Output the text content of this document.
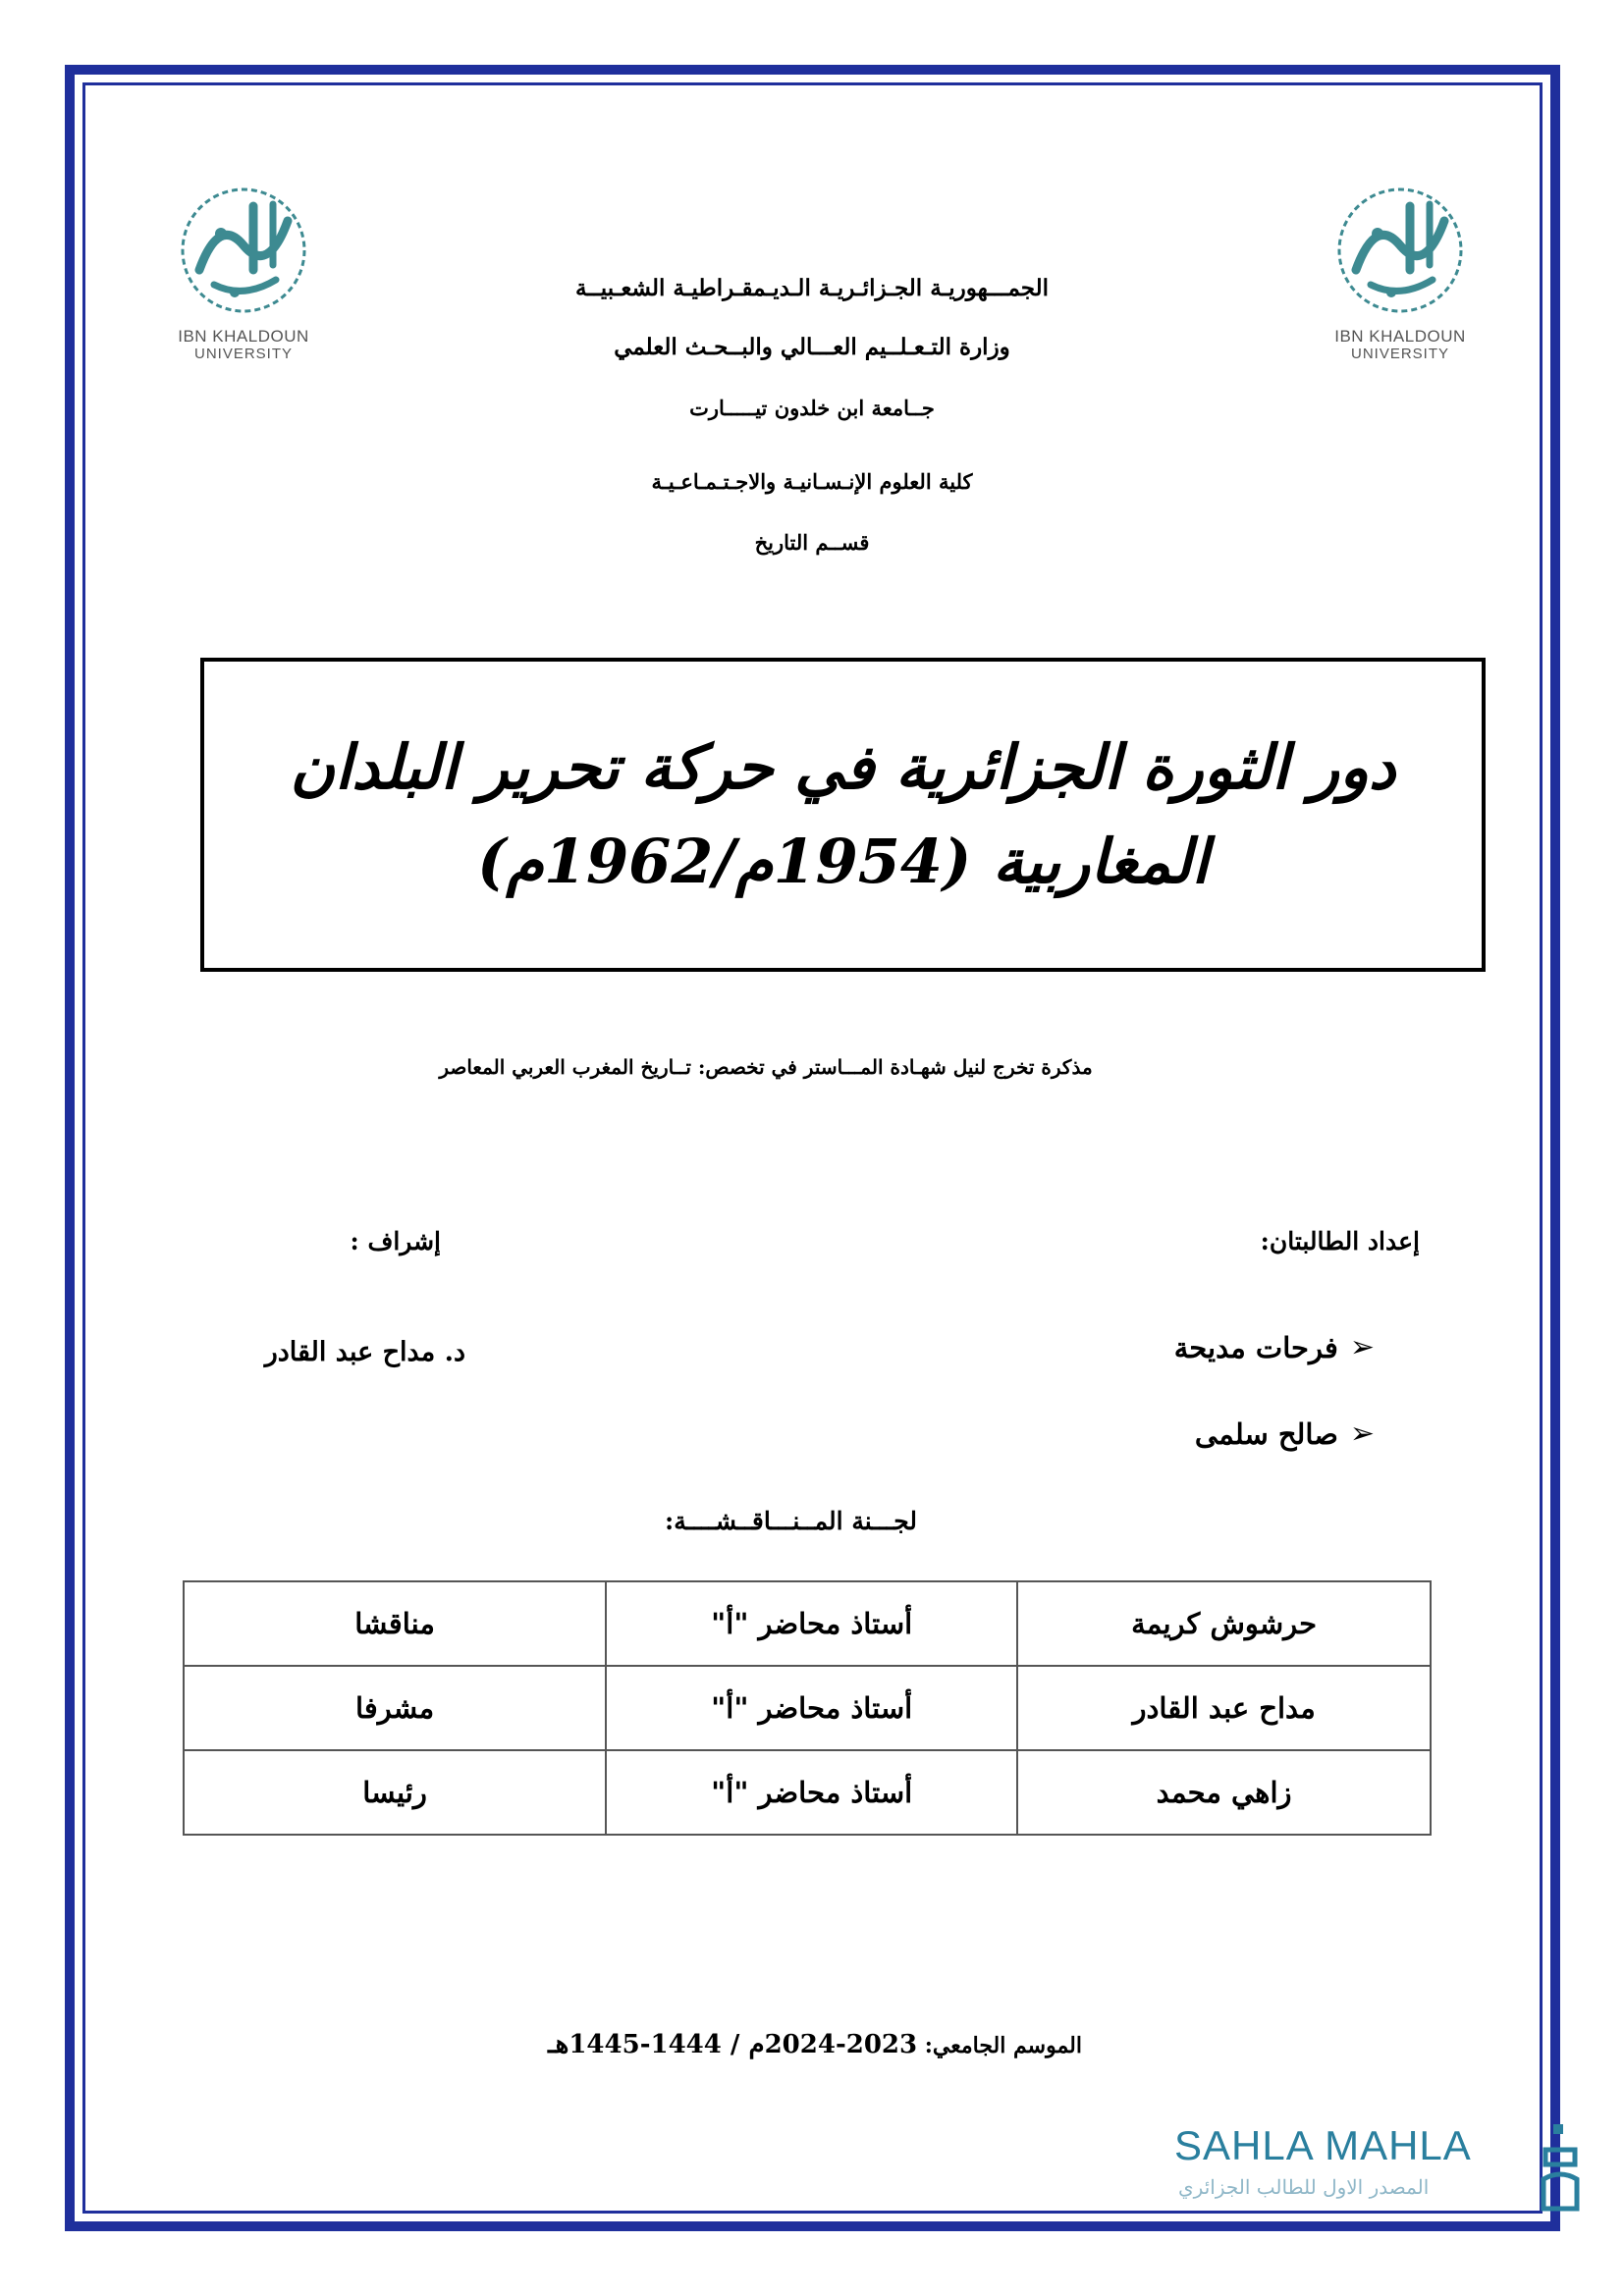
IBN KHALDOUN
UNIVERSITY
IBN KHALDOUN
UNIVERSITY
الجمـــهوريـة الجـزائـريـة الـديـمقـراطيـة الشعـبيــة
وزارة التـعـلــيم العـــالي والبــحـث العلمي
جــامعة ابن خلدون تيـــــارت
كلية العلوم الإنـسـانيـة والاجـتـمـاعـيـة
قســم التاريخ
دور الثورة الجزائرية في حركة تحرير البلدان
المغاربية (1954م/1962م)
مذكرة تخرج لنيل شهـادة المـــاستر في تخصص: تــاريخ المغرب العربي المعاصر
إعداد الطالبتان:
إشراف :
➢
فرحات مديحة
➢
صالح سلمى
د. مداح عبد القادر
لجـــنة المــنـــاقــشــــة:
حرشوش كريمة	أستاذ محاضر "أ"	مناقشا
مداح عبد القادر	أستاذ محاضر "أ"	مشرفا
زاهي محمد	أستاذ محاضر "أ"	رئيسا
الموسم الجامعي: 2023-2024م / 1444-1445هـ
SAHLA MAHLA
المصدر الاول للطالب الجزائري
